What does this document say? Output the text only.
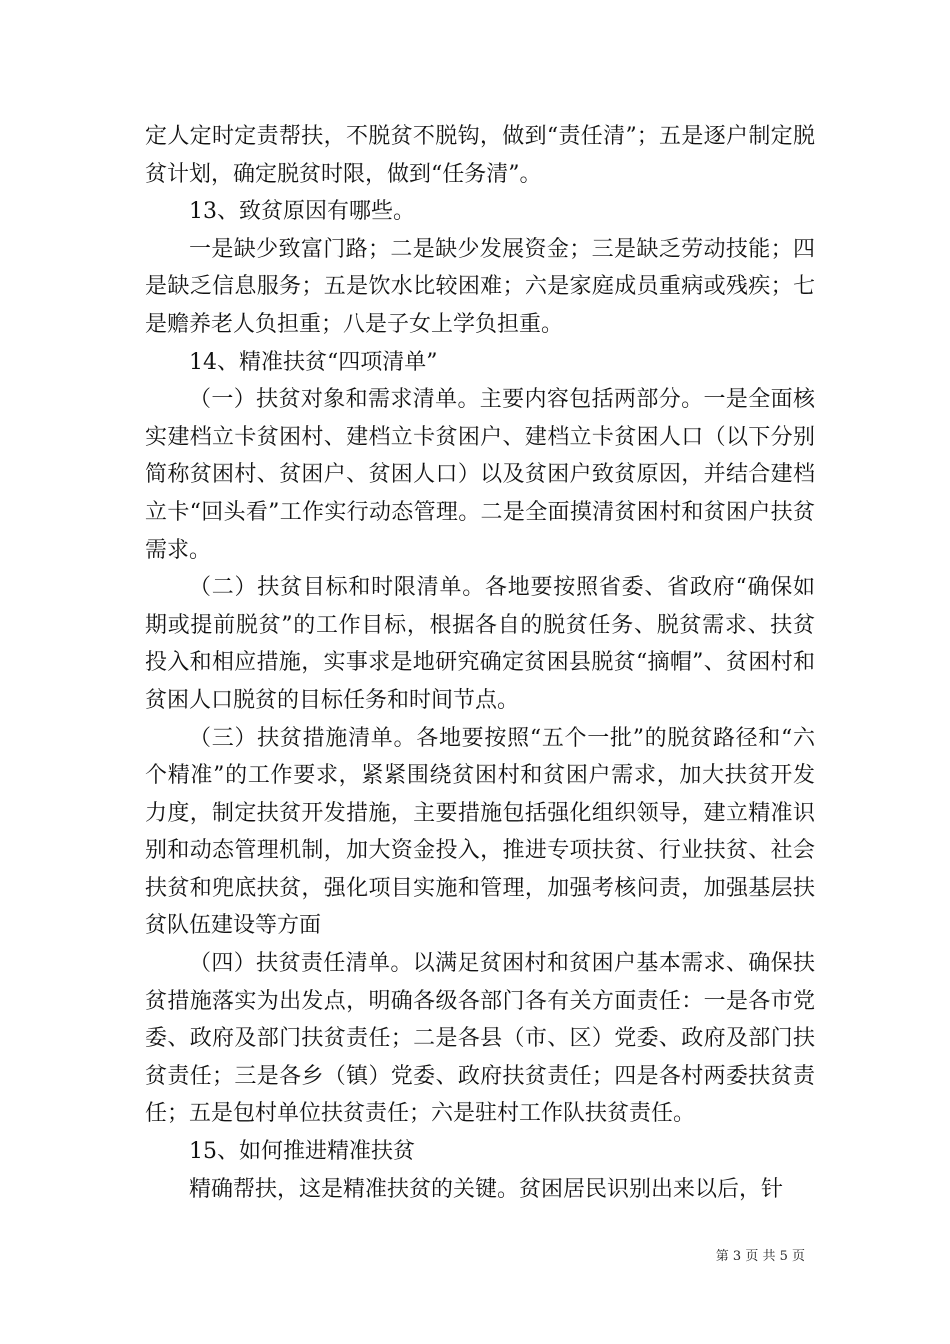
定人定时定责帮扶，不脱贫不脱钩，做到“责任清”；五是逐户制定脱贫计划，确定脱贫时限，做到“任务清”。

13、致贫原因有哪些。

一是缺少致富门路；二是缺少发展资金；三是缺乏劳动技能；四是缺乏信息服务；五是饮水比较困难；六是家庭成员重病或残疾；七是赡养老人负担重；八是子女上学负担重。

14、精准扶贫“四项清单”

（一）扶贫对象和需求清单。主要内容包括两部分。一是全面核实建档立卡贫困村、建档立卡贫困户、建档立卡贫困人口（以下分别简称贫困村、贫困户、贫困人口）以及贫困户致贫原因，并结合建档立卡“回头看”工作实行动态管理。二是全面摸清贫困村和贫困户扶贫需求。

（二）扶贫目标和时限清单。各地要按照省委、省政府“确保如期或提前脱贫”的工作目标，根据各自的脱贫任务、脱贫需求、扶贫投入和相应措施，实事求是地研究确定贫困县脱贫“摘帽”、贫困村和贫困人口脱贫的目标任务和时间节点。

（三）扶贫措施清单。各地要按照“五个一批”的脱贫路径和“六个精准”的工作要求，紧紧围绕贫困村和贫困户需求，加大扶贫开发力度，制定扶贫开发措施，主要措施包括强化组织领导，建立精准识别和动态管理机制，加大资金投入，推进专项扶贫、行业扶贫、社会扶贫和兜底扶贫，强化项目实施和管理，加强考核问责，加强基层扶贫队伍建设等方面

（四）扶贫责任清单。以满足贫困村和贫困户基本需求、确保扶贫措施落实为出发点，明确各级各部门各有关方面责任：一是各市党委、政府及部门扶贫责任；二是各县（市、区）党委、政府及部门扶贫责任；三是各乡（镇）党委、政府扶贫责任；四是各村两委扶贫责任；五是包村单位扶贫责任；六是驻村工作队扶贫责任。

15、如何推进精准扶贫

精确帮扶，这是精准扶贫的关键。贫困居民识别出来以后，针

第 3 页 共 5 页
